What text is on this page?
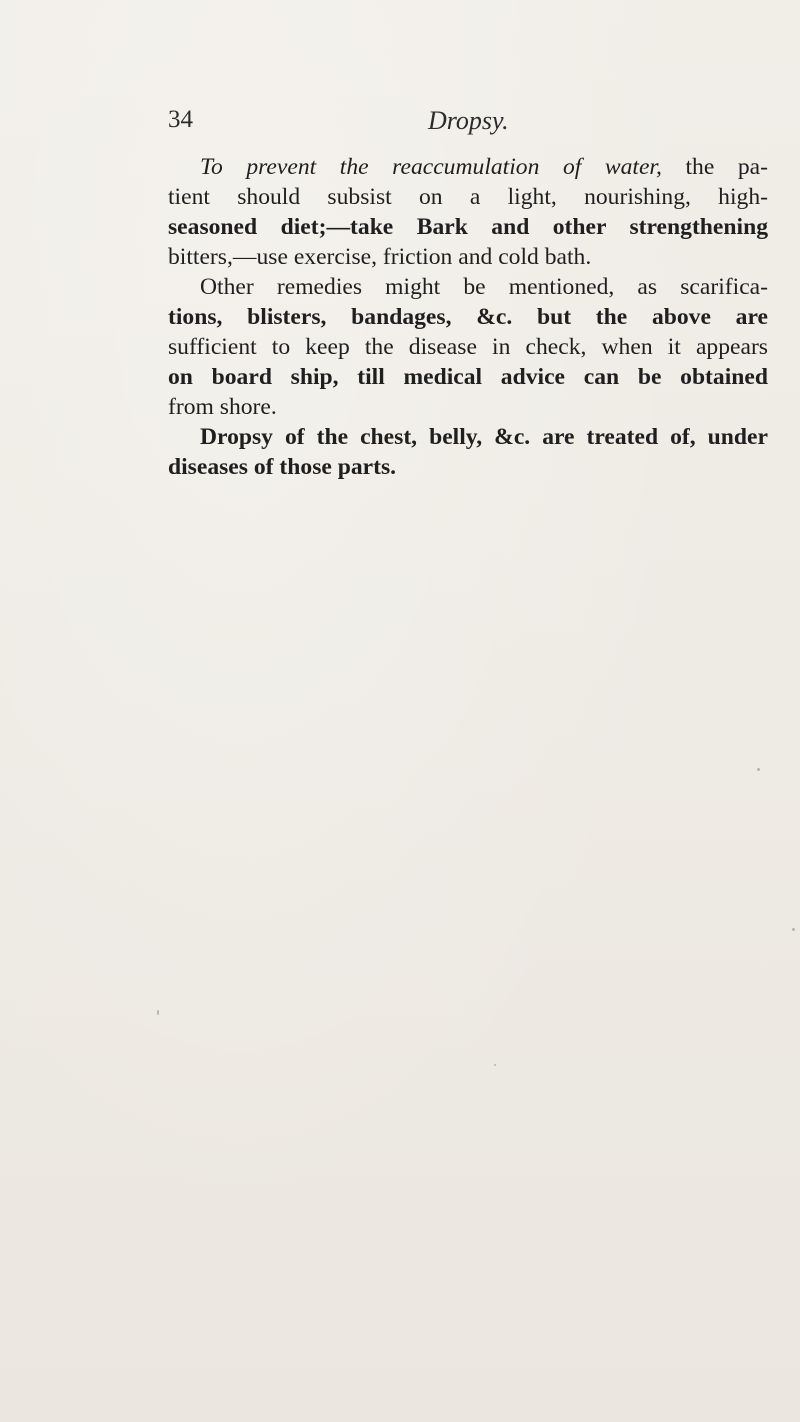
34	Dropsy.
To prevent the reaccumulation of water, the pa-
tient should subsist on a light, nourishing, high-
seasoned diet;—take Bark and other strengthening
bitters,—use exercise, friction and cold bath.
Other remedies might be mentioned, as scarifica-
tions, blisters, bandages, &c. but the above are
sufficient to keep the disease in check, when it appears
on board ship, till medical advice can be obtained
from shore.
Dropsy of the chest, belly, &c. are treated of, under
diseases of those parts.
